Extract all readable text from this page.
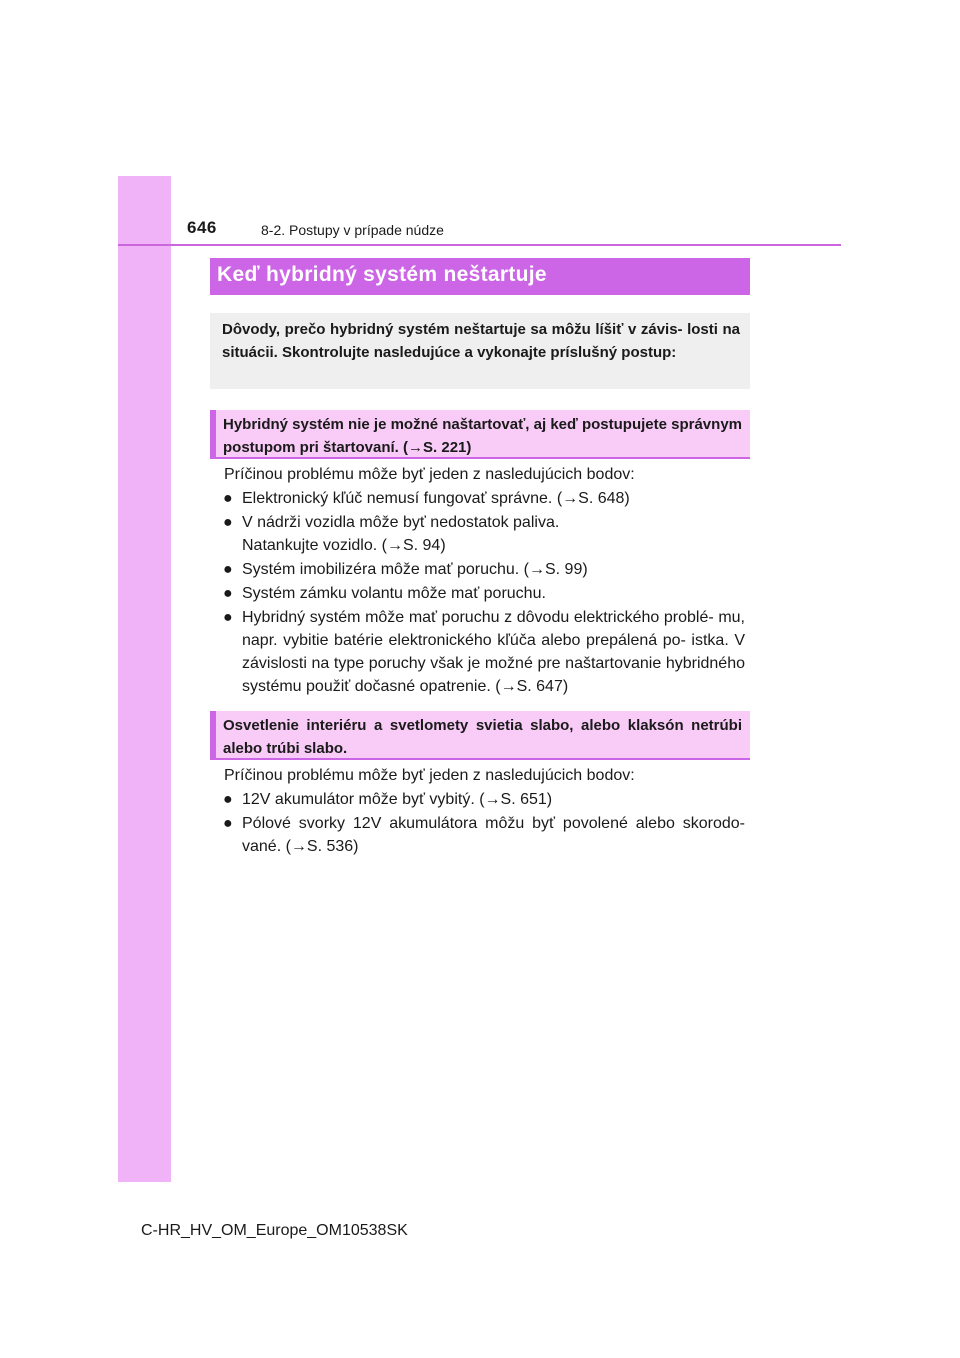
646	8-2. Postupy v prípade núdze
Keď hybridný systém neštartuje
Dôvody, prečo hybridný systém neštartuje sa môžu líšiť v závis- losti na situácii. Skontrolujte nasledujúce a vykonajte príslušný postup:
Hybridný systém nie je možné naštartovať, aj keď postupujete správnym postupom pri štartovaní. (→S. 221)
Príčinou problému môže byť jeden z nasledujúcich bodov:
● Elektronický kľúč nemusí fungovať správne. (→S. 648)
● V nádrži vozidla môže byť nedostatok paliva.
Natankujte vozidlo. (→S. 94)
● Systém imobilizéra môže mať poruchu. (→S. 99)
● Systém zámku volantu môže mať poruchu.
● Hybridný systém môže mať poruchu z dôvodu elektrického problé- mu, napr. vybitie batérie elektronického kľúča alebo prepálená po- istka. V závislosti na type poruchy však je možné pre naštartovanie hybridného systému použiť dočasné opatrenie. (→S. 647)
Osvetlenie interiéru a svetlomety svietia slabo, alebo klaksón netrúbi alebo trúbi slabo.
Príčinou problému môže byť jeden z nasledujúcich bodov:
● 12V akumulátor môže byť vybitý. (→S. 651)
● Pólové svorky 12V akumulátora môžu byť povolené alebo skorodo- vané. (→S. 536)
C-HR_HV_OM_Europe_OM10538SK
